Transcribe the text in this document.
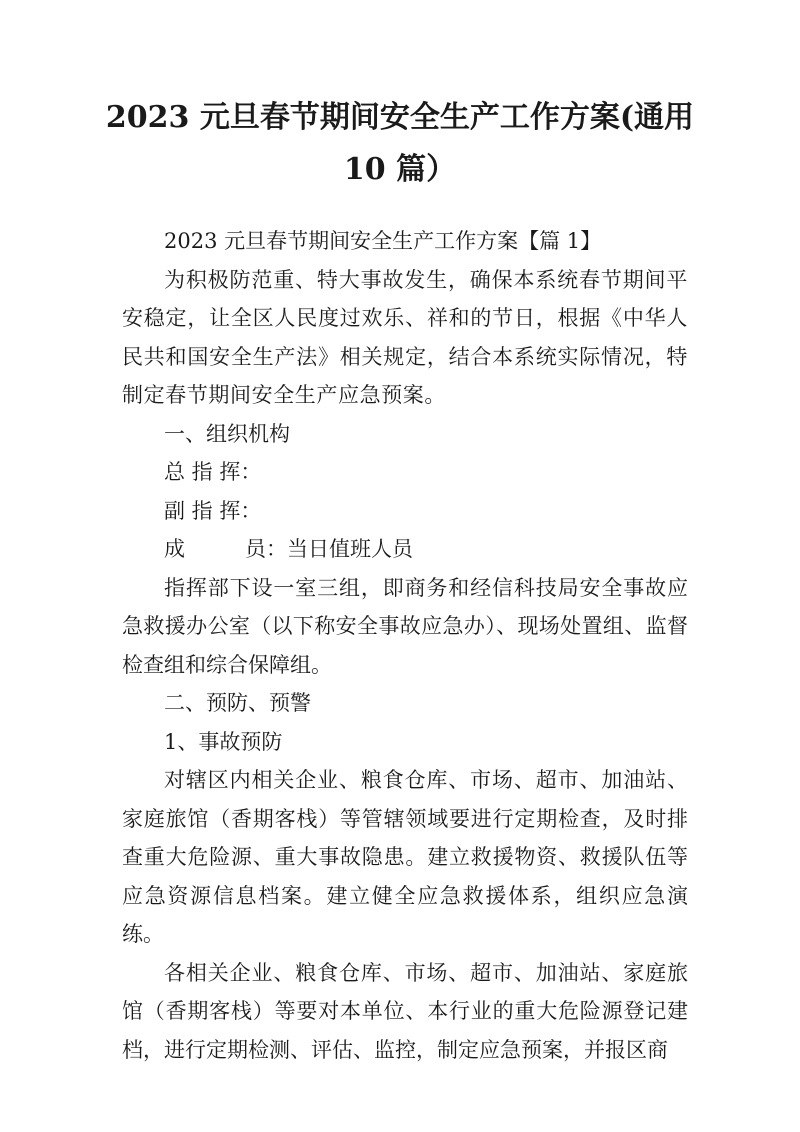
2023 元旦春节期间安全生产工作方案(通用
10 篇）

2023 元旦春节期间安全生产工作方案【篇 1】

为积极防范重、特大事故发生，确保本系统春节期间平安稳定，让全区人民度过欢乐、祥和的节日，根据《中华人民共和国安全生产法》相关规定，结合本系统实际情况，特制定春节期间安全生产应急预案。

一、组织机构

总 指 挥：

副 指 挥：

成	员：当日值班人员

指挥部下设一室三组，即商务和经信科技局安全事故应急救援办公室（以下称安全事故应急办）、现场处置组、监督检查组和综合保障组。

二、预防、预警

1、事故预防

对辖区内相关企业、粮食仓库、市场、超市、加油站、家庭旅馆（香期客栈）等管辖领域要进行定期检查，及时排查重大危险源、重大事故隐患。建立救援物资、救援队伍等应急资源信息档案。建立健全应急救援体系，组织应急演练。

各相关企业、粮食仓库、市场、超市、加油站、家庭旅馆（香期客栈）等要对本单位、本行业的重大危险源登记建档，进行定期检测、评估、监控，制定应急预案，并报区商
